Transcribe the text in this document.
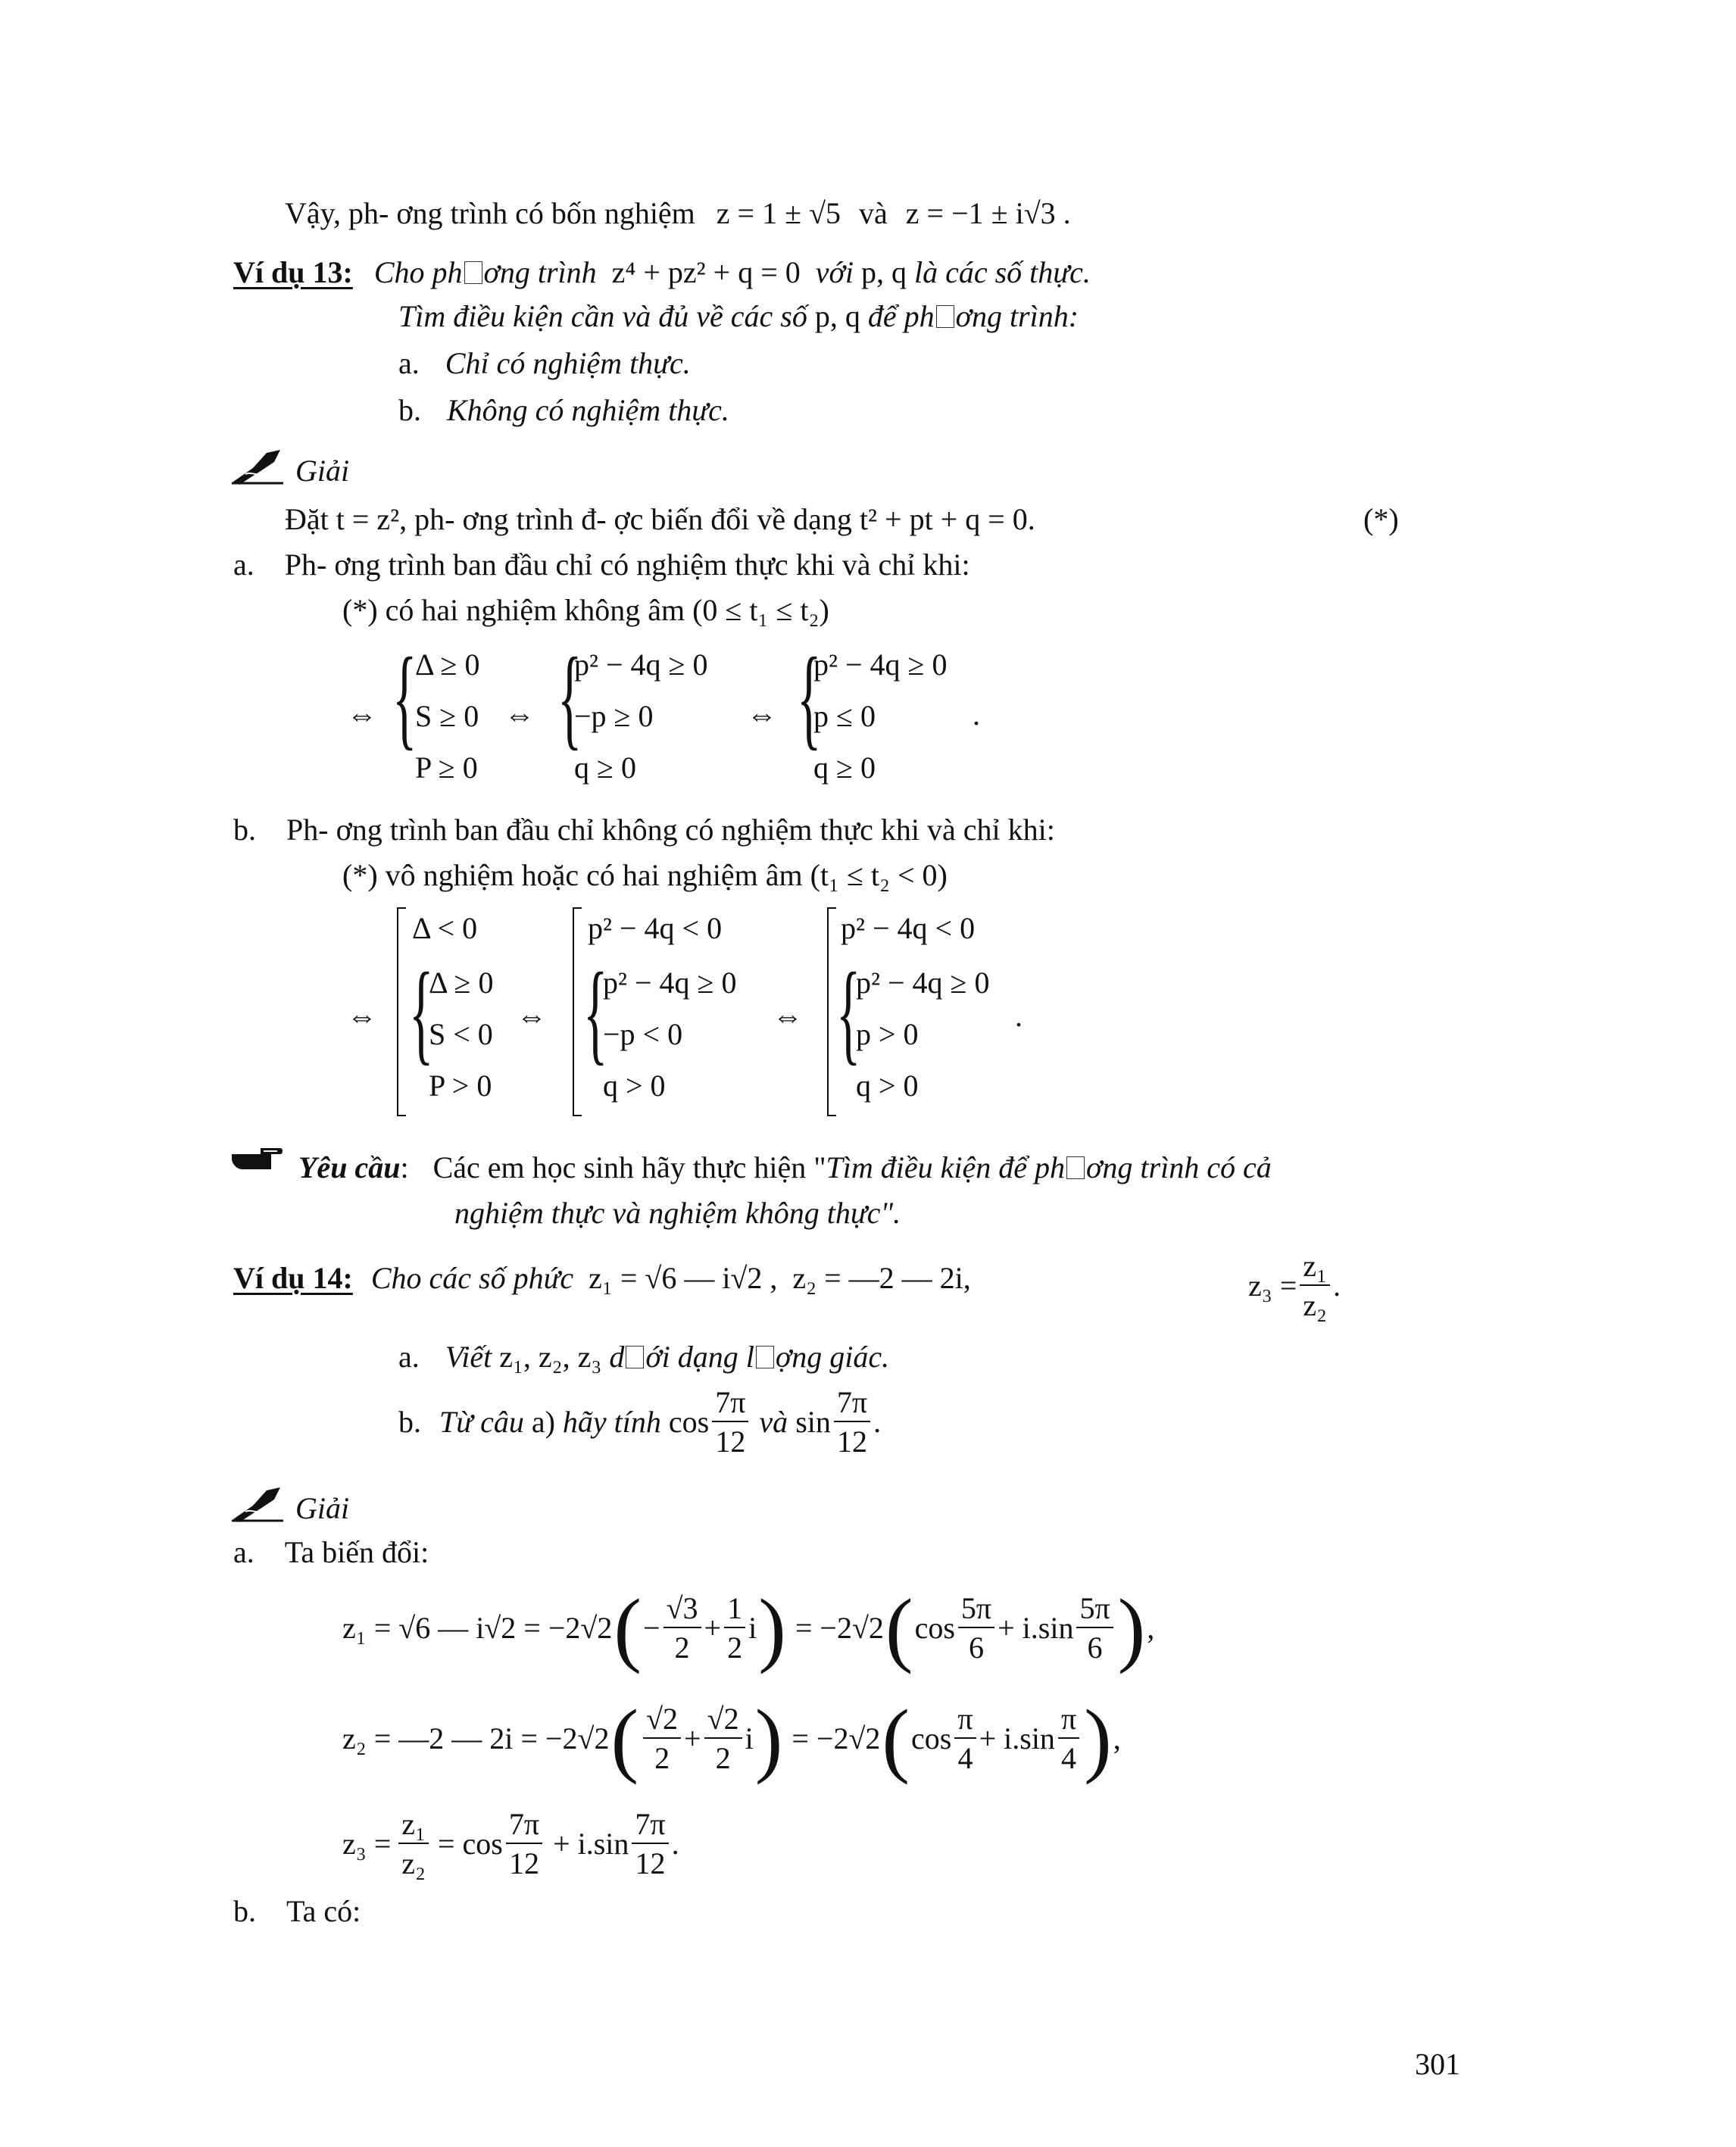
Vậy, ph- ơng trình có bốn nghiệm z = 1 ± √5 và z = −1 ± i√3 .
Ví dụ 13: Cho ph ơng trình z⁴ + pz² + q = 0 với p, q là các số thực.
Tìm điều kiện cần và đủ về các số p, q để ph ơng trình:
a. Chỉ có nghiệm thực.
b. Không có nghiệm thực.
Giải
Đặt t = z², ph- ơng trình đ- ợc biến đổi về dạng t² + pt + q = 0.	(*)
a. Ph- ơng trình ban đầu chỉ có nghiệm thực khi và chỉ khi:
(*) có hai nghiệm không âm (0 ≤ t₁ ≤ t₂)
⇔ {
Δ ≥ 0
S ≥ 0
P ≥ 0
⇔ {
p² − 4q ≥ 0
−p ≥ 0
q ≥ 0
⇔ {
p² − 4q ≥ 0
p ≤ 0
q ≥ 0
.
b. Ph- ơng trình ban đầu chỉ không có nghiệm thực khi và chỉ khi:
(*) vô nghiệm hoặc có hai nghiệm âm (t₁ ≤ t₂ < 0)
⇔
Δ < 0
{
Δ ≥ 0
S < 0
P > 0
⇔
p² − 4q < 0
{
p² − 4q ≥ 0
−p < 0
q > 0
⇔
p² − 4q < 0
{
p² − 4q ≥ 0
p > 0
q > 0
.
Yêu cầu: Các em học sinh hãy thực hiện "Tìm điều kiện để ph ơng trình có cả
nghiệm thực và nghiệm không thực".
Ví dụ 14: Cho các số phức z₁ = √6 — i√2 , z₂ = —2 — 2i,	$z_3 = \frac{\text{z₁}}{\text{z₂}}$ .
a. Viết z₁, z₂, z₃ d ới dạng l ợng giác.
b. Từ câu a) hãy tính $\cos \frac{7\pi}{12}$ và $\sin \frac{7\pi}{12}$ .
Giải
a. Ta biến đổi:
z₁ = √6 — i√2 = −2√2 ( − $\frac{√3}{2} + \frac{1}{2}$ i ) = −2√2 ( $\cos \frac{5\pi}{6} + i.\sin \frac{5\pi}{6}$ ) ,
z₂ = —2 — 2i = −2√2 ( $\frac{√2}{2} + \frac{√2}{2}$ i ) = −2√2 ( $\cos \frac{\pi}{4} + i.\sin \frac{\pi}{4}$ ) ,
$z_3 = \frac{\text{z₁}}{\text{z₂}} = \cos \frac{7\pi}{12} + i.\sin \frac{7\pi}{12}$ .
b. Ta có:
301
